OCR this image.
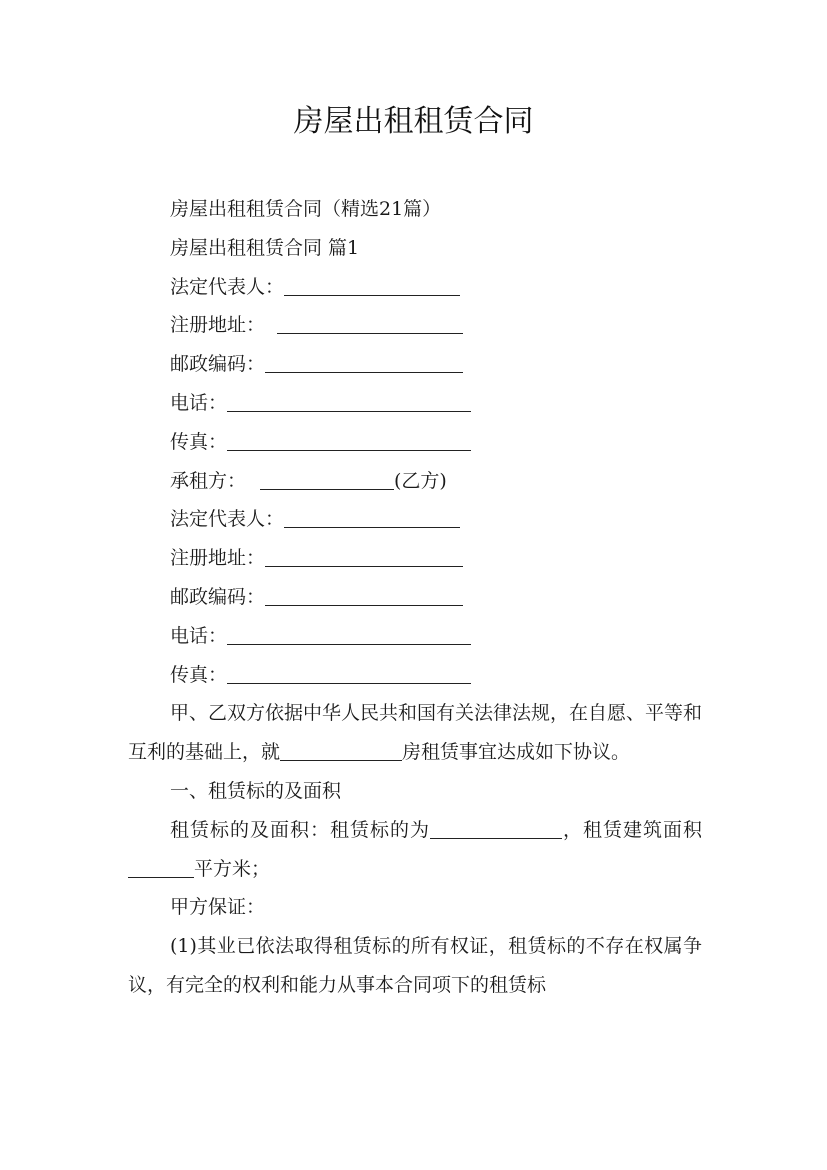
房屋出租租赁合同
房屋出租租赁合同（精选21篇）
房屋出租租赁合同 篇1
法定代表人：
注册地址：
邮政编码：
电话：
传真：
承租方：	(乙方)
法定代表人：
注册地址：
邮政编码：
电话：
传真：
甲、乙双方依据中华人民共和国有关法律法规，在自愿、平等和互利的基础上，就	房租赁事宜达成如下协议。
一、租赁标的及面积
租赁标的及面积：租赁标的为	，租赁建筑面积平方米；
甲方保证：
(1)其业已依法取得租赁标的所有权证，租赁标的不存在权属争议，有完全的权利和能力从事本合同项下的租赁标
